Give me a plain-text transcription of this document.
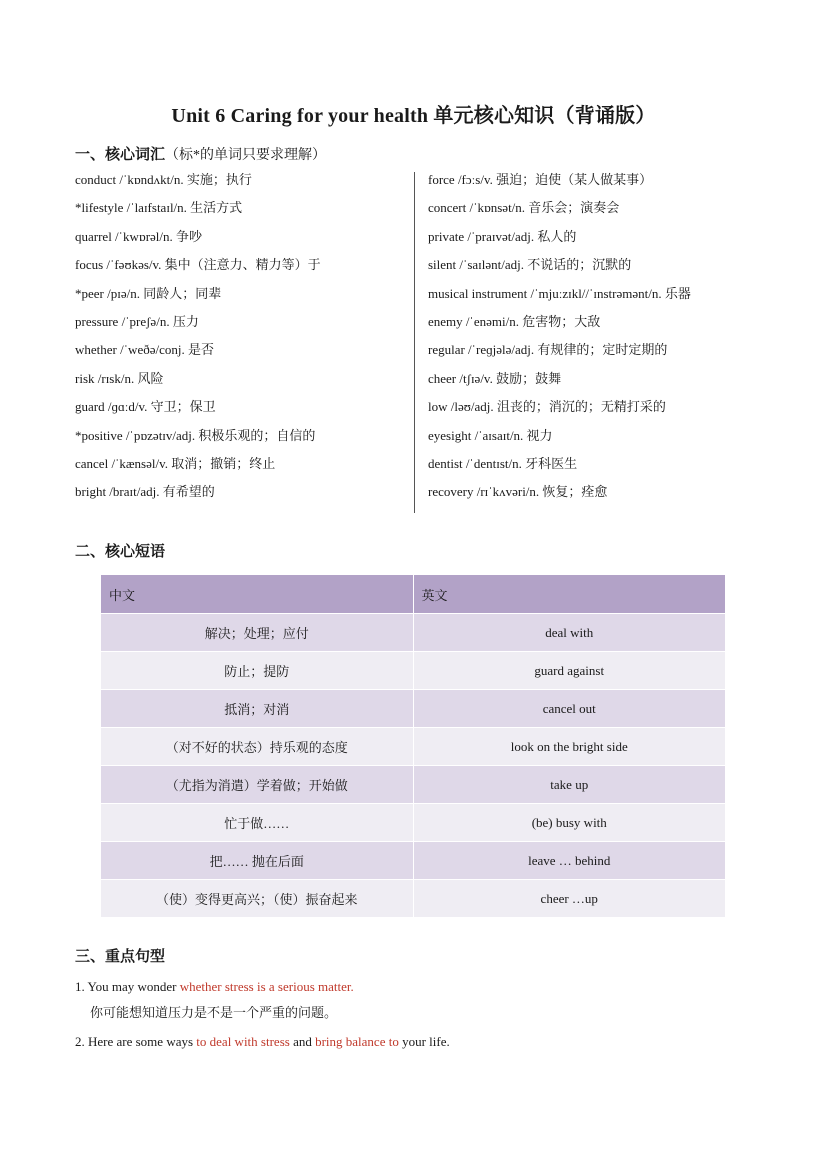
Unit 6 Caring for your health 单元核心知识（背诵版）
一、核心词汇（标*的单词只要求理解）
conduct /ˈkɒndʌkt/n. 实施；执行
*lifestyle /ˈlaɪfstaɪl/n. 生活方式
quarrel /ˈkwɒrəl/n. 争吵
focus /ˈfəʊkəs/v. 集中（注意力、精力等）于
*peer /pɪə/n. 同龄人；同辈
pressure /ˈpreʃə/n. 压力
whether /ˈweðə/conj. 是否
risk /rɪsk/n. 风险
guard /ɡɑːd/v. 守卫；保卫
*positive /ˈpɒzətɪv/adj. 积极乐观的；自信的
cancel /ˈkænsəl/v. 取消；撤销；终止
bright /braɪt/adj. 有希望的
force /fɔːs/v. 强迫；迫使（某人做某事）
concert /ˈkɒnsət/n. 音乐会；演奏会
private /ˈpraɪvət/adj. 私人的
silent /ˈsaɪlənt/adj. 不说话的；沉默的
musical instrument /ˈmjuːzɪkl//ˈɪnstrəmənt/n. 乐器
enemy /ˈenəmi/n. 危害物；大敌
regular /ˈreɡjələ/adj. 有规律的；定时定期的
cheer /tʃɪə/v. 鼓励；鼓舞
low /ləʊ/adj. 沮丧的；消沉的；无精打采的
eyesight /ˈaɪsaɪt/n. 视力
dentist /ˈdentɪst/n. 牙科医生
recovery /rɪˈkʌvəri/n. 恢复；痊愈
二、核心短语
中文	英文
解决；处理；应付	deal with
防止；提防	guard against
抵消；对消	cancel out
（对不好的状态）持乐观的态度	look on the bright side
（尤指为消遣）学着做；开始做	take up
忙于做……	(be) busy with
把…… 抛在后面	leave … behind
（使）变得更高兴；（使）振奋起来	cheer …up
三、重点句型
1. You may wonder whether stress is a serious matter.
你可能想知道压力是不是一个严重的问题。
2. Here are some ways to deal with stress and bring balance to your life.
